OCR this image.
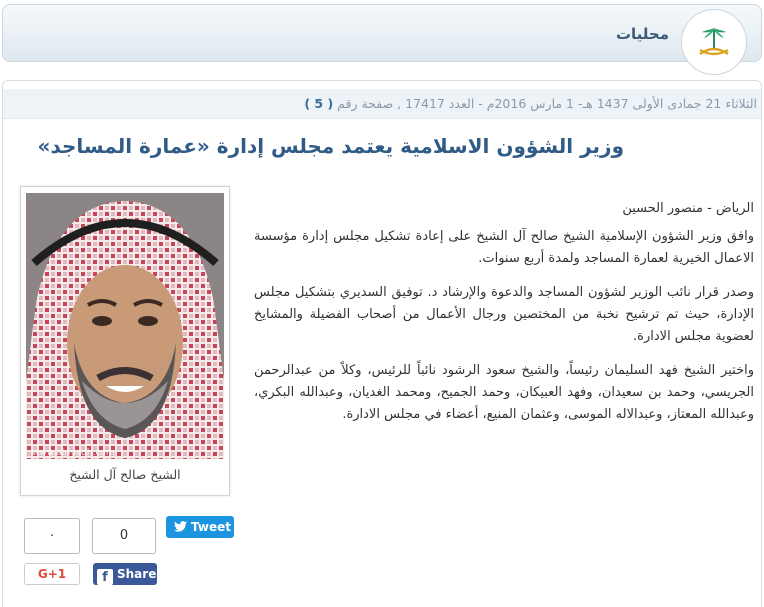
محليات
الثلاثاء 21 جمادى الأولى 1437 هـ- 1 مارس 2016م - العدد 17417 , صفحة رقم ( 5 )
وزير الشؤون الاسلامية يعتمد مجلس إدارة «عمارة المساجد»
www.alriyadh.com
الشيخ صالح آل الشيخ
الرياض - منصور الحسين

وافق وزير الشؤون الإسلامية الشيخ صالح آل الشيخ على إعادة تشكيل مجلس إدارة مؤسسة الاعمال الخيرية لعمارة المساجد ولمدة أربع سنوات.

وصدر قرار نائب الوزير لشؤون المساجد والدعوة والإرشاد د. توفيق السديري بتشكيل مجلس الإدارة، حيث تم ترشيح نخبة من المختصين ورجال الأعمال من أصحاب الفضيلة والمشايخ لعضوية مجلس الادارة.

واختير الشيخ فهد السليمان رئيساً، والشيخ سعود الرشود نائباً للرئيس، وكلاً من عبدالرحمن الجريسي، وحمد بن سعيدان، وفهد العبيكان، وحمد الجميح، ومحمد الغديان، وعبدالله البكري، وعبدالله المعتاز، وعبدالاله الموسى، وعثمان المنيع، أعضاء في مجلس الادارة.

Tweet
0
٠
f Share
G+1
